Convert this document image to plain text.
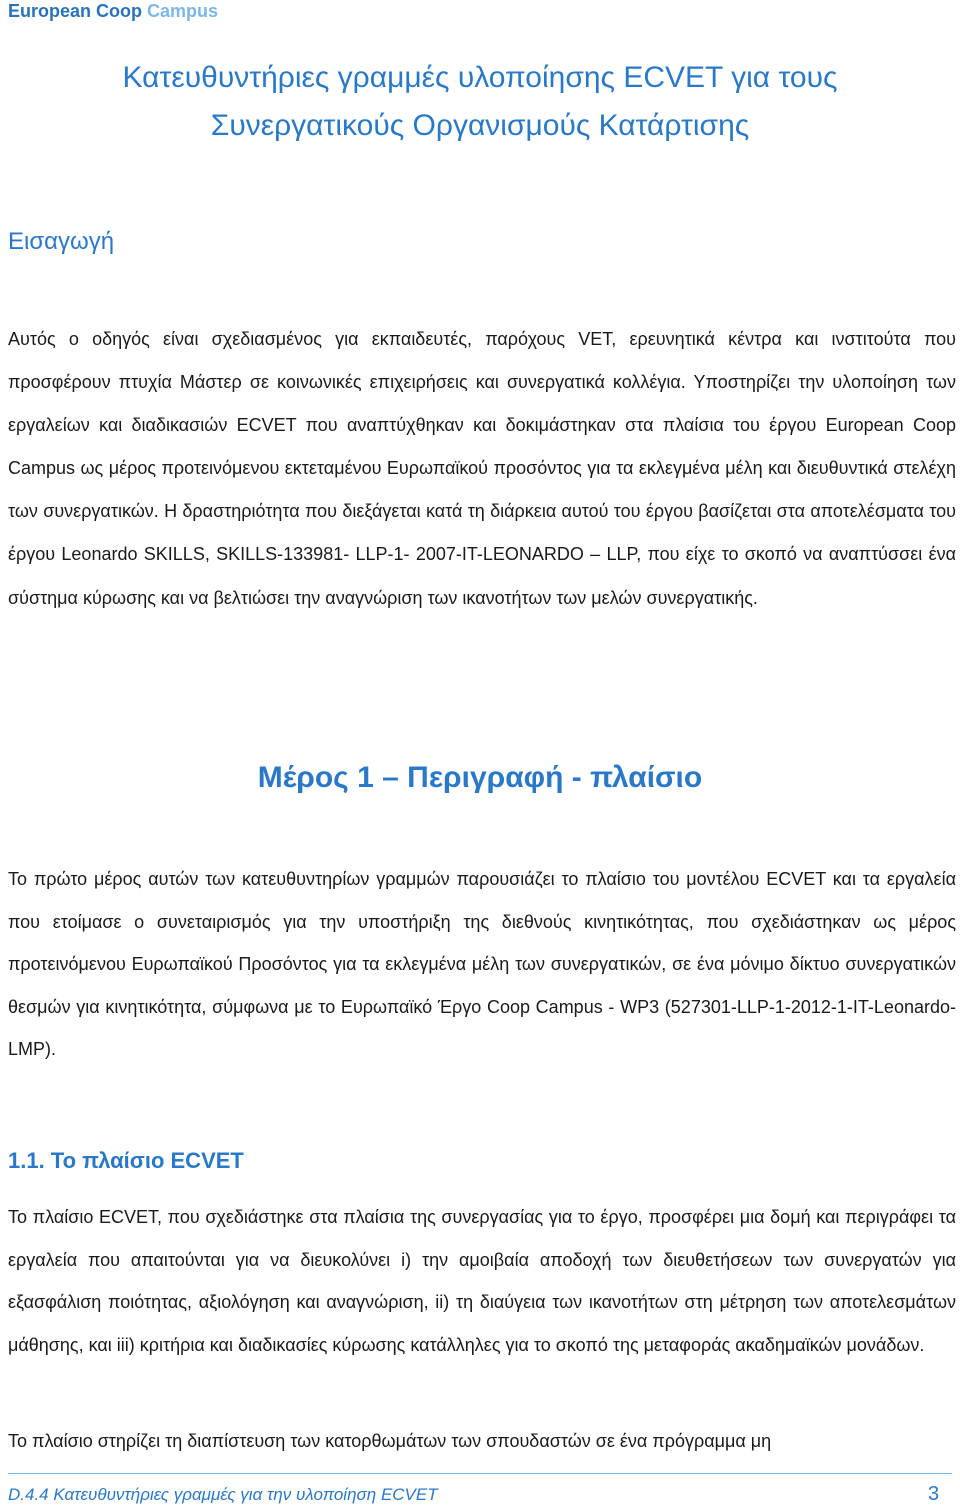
European Coop Campus
Κατευθυντήριες γραμμές υλοποίησης ECVET για τους
Συνεργατικούς Οργανισμούς Κατάρτισης
Εισαγωγή
Αυτός ο οδηγός είναι σχεδιασμένος για εκπαιδευτές, παρόχους VET, ερευνητικά κέντρα και ινστιτούτα που προσφέρουν πτυχία Μάστερ σε κοινωνικές επιχειρήσεις και συνεργατικά κολλέγια. Υποστηρίζει την υλοποίηση των εργαλείων και διαδικασιών ECVET που αναπτύχθηκαν και δοκιμάστηκαν στα πλαίσια του έργου European Coop Campus ως μέρος προτεινόμενου εκτεταμένου Ευρωπαϊκού προσόντος για τα εκλεγμένα μέλη και διευθυντικά στελέχη των συνεργατικών. Η δραστηριότητα που διεξάγεται κατά τη διάρκεια αυτού του έργου βασίζεται στα αποτελέσματα του έργου Leonardo SKILLS, SKILLS-133981- LLP-1- 2007-IT-LEONARDO – LLP, που είχε το σκοπό να αναπτύσσει ένα σύστημα κύρωσης και να βελτιώσει την αναγνώριση των ικανοτήτων των μελών συνεργατικής.
Μέρος 1 – Περιγραφή - πλαίσιο
Το πρώτο μέρος αυτών των κατευθυντηρίων γραμμών παρουσιάζει το πλαίσιο του μοντέλου ECVET και τα εργαλεία που ετοίμασε ο συνεταιρισμός για την υποστήριξη της διεθνούς κινητικότητας, που σχεδιάστηκαν ως μέρος προτεινόμενου Ευρωπαϊκού Προσόντος για τα εκλεγμένα μέλη των συνεργατικών, σε ένα μόνιμο δίκτυο συνεργατικών θεσμών για κινητικότητα, σύμφωνα με το Ευρωπαϊκό Έργο Coop Campus - WP3 (527301-LLP-1-2012-1-IT-Leonardo-LMP).
1.1. Το πλαίσιο ECVET
Το πλαίσιο ECVET, που σχεδιάστηκε στα πλαίσια της συνεργασίας για το έργο, προσφέρει μια δομή και περιγράφει τα εργαλεία που απαιτούνται για να διευκολύνει i) την αμοιβαία αποδοχή των διευθετήσεων των συνεργατών για εξασφάλιση ποιότητας, αξιολόγηση και αναγνώριση, ii) τη διαύγεια των ικανοτήτων στη μέτρηση των αποτελεσμάτων μάθησης, και iii) κριτήρια και διαδικασίες κύρωσης κατάλληλες για το σκοπό της μεταφοράς ακαδημαϊκών μονάδων.
Το πλαίσιο στηρίζει τη διαπίστευση των κατορθωμάτων των σπουδαστών σε ένα πρόγραμμα μη
D.4.4 Κατευθυντήριες γραμμές για την υλοποίηση ECVET	3
